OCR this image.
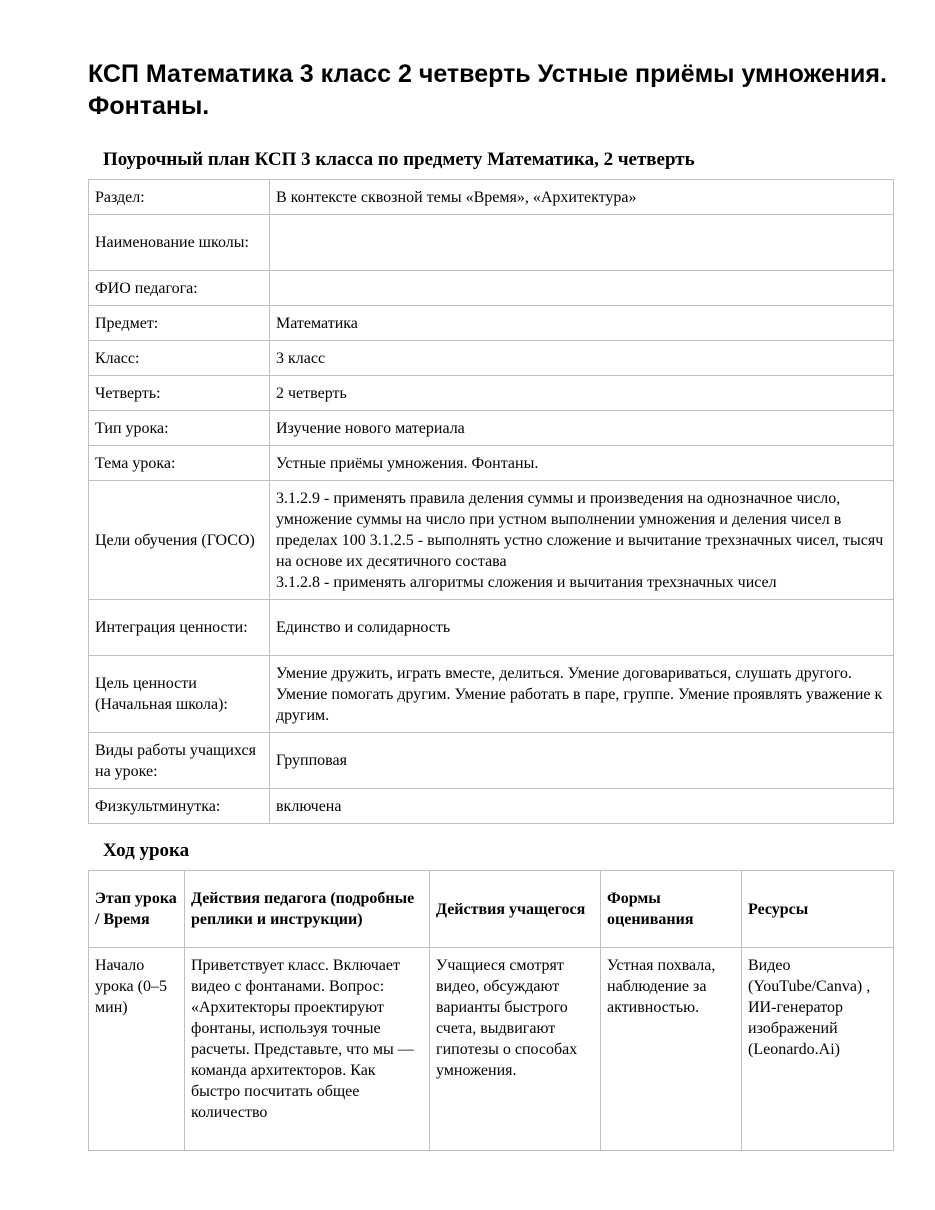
КСП Математика 3 класс 2 четверть Устные приёмы умножения. Фонтаны.
Поурочный план КСП 3 класса по предмету Математика, 2 четверть
Раздел:	В контексте сквозной темы «Время», «Архитектура»
Наименование школы:	
ФИО педагога:	
Предмет:	Математика
Класс:	3 класс
Четверть:	2 четверть
Тип урока:	Изучение нового материала
Тема урока:	Устные приёмы умножения. Фонтаны.
Цели обучения (ГОСО)	3.1.2.9 - применять правила деления суммы и произведения на однозначное число, умножение суммы на число при устном выполнении умножения и деления чисел в пределах 100 3.1.2.5 - выполнять устно сложение и вычитание трехзначных чисел, тысяч на основе их десятичного состава
3.1.2.8 - применять алгоритмы сложения и вычитания трехзначных чисел
Интеграция ценности:	Единство и солидарность
Цель ценности (Начальная школа):	Умение дружить, играть вместе, делиться. Умение договариваться, слушать другого. Умение помогать другим. Умение работать в паре, группе. Умение проявлять уважение к другим.
Виды работы учащихся на уроке:	Групповая
Физкультминутка:	включена
Ход урока
Этап урока / Время	Действия педагога (подробные реплики и инструкции)	Действия учащегося	Формы оценивания	Ресурсы
Начало урока (0–5 мин)	Приветствует класс. Включает видео с фонтанами. Вопрос: «Архитекторы проектируют фонтаны, используя точные расчеты. Представьте, что мы — команда архитекторов. Как быстро посчитать общее количество	Учащиеся смотрят видео, обсуждают варианты быстрого счета, выдвигают гипотезы о способах умножения.	Устная похвала, наблюдение за активностью.	Видео (YouTube/Canva) , ИИ-генератор изображений (Leonardo.Ai)
